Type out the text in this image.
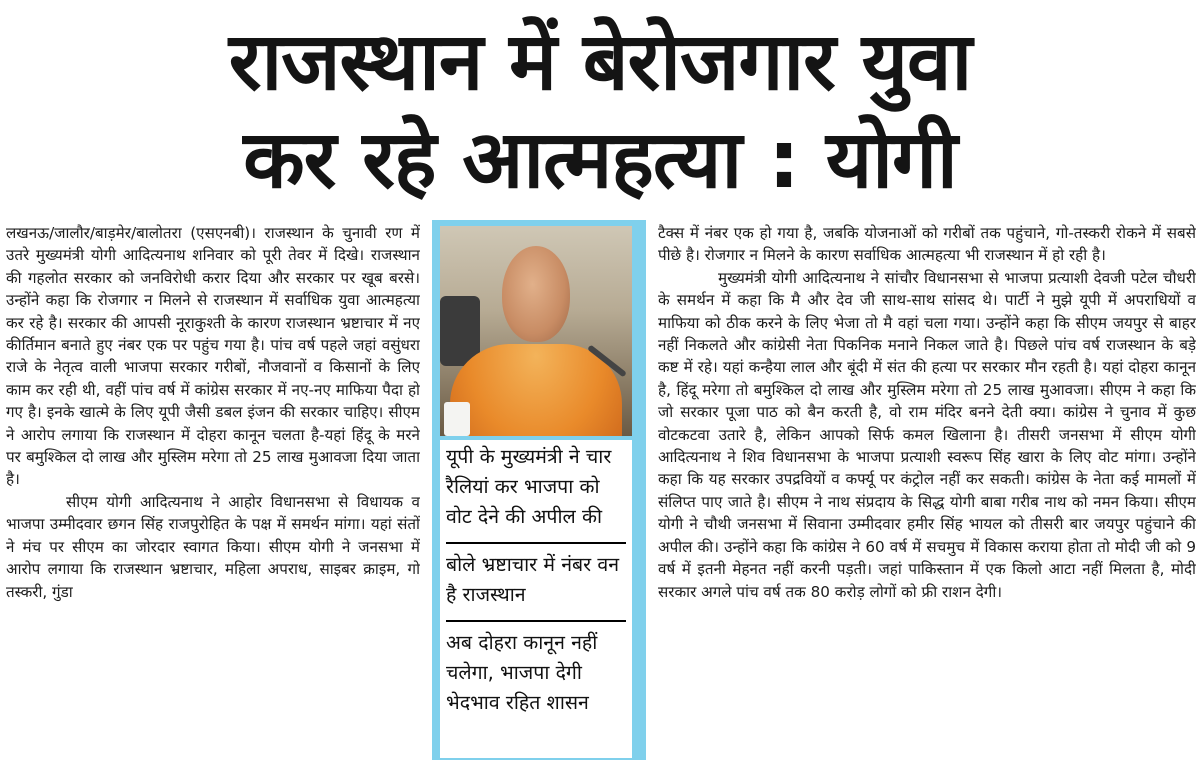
राजस्थान में बेरोजगार युवा
कर रहे आत्महत्या : योगी

लखनऊ/जालौर/बाड़मेर/बालोतरा (एसएनबी)। राजस्थान के चुनावी रण में उतरे मुख्यमंत्री योगी आदित्यनाथ शनिवार को पूरी तेवर में दिखे। राजस्थान की गहलोत सरकार को जनविरोधी करार दिया और सरकार पर खूब बरसे। उन्होंने कहा कि रोजगार न मिलने से राजस्थान में सर्वाधिक युवा आत्महत्या कर रहे है। सरकार की आपसी नूराकुश्ती के कारण राजस्थान भ्रष्टाचार में नए कीर्तिमान बनाते हुए नंबर एक पर पहुंच गया है। पांच वर्ष पहले जहां वसुंधरा राजे के नेतृत्व वाली भाजपा सरकार गरीबों, नौजवानों व किसानों के लिए काम कर रही थी, वहीं पांच वर्ष में कांग्रेस सरकार में नए-नए माफिया पैदा हो गए है। इनके खात्मे के लिए यूपी जैसी डबल इंजन की सरकार चाहिए। सीएम ने आरोप लगाया कि राजस्थान में दोहरा कानून चलता है-यहां हिंदू के मरने पर बमुश्किल दो लाख और मुस्लिम मरेगा तो 25 लाख मुआवजा दिया जाता है।

सीएम योगी आदित्यनाथ ने आहोर विधानसभा से विधायक व भाजपा उम्मीदवार छगन सिंह राजपुरोहित के पक्ष में समर्थन मांगा। यहां संतों ने मंच पर सीएम का जोरदार स्वागत किया। सीएम योगी ने जनसभा में आरोप लगाया कि राजस्थान भ्रष्टाचार, महिला अपराध, साइबर क्राइम, गो तस्करी, गुंडा

यूपी के मुख्यमंत्री ने चार रैलियां कर भाजपा को वोट देने की अपील की
बोले भ्रष्टाचार में नंबर वन है राजस्थान
अब दोहरा कानून नहीं चलेगा, भाजपा देगी भेदभाव रहित शासन

टैक्स में नंबर एक हो गया है, जबकि योजनाओं को गरीबों तक पहुंचाने, गो-तस्करी रोकने में सबसे पीछे है। रोजगार न मिलने के कारण सर्वाधिक आत्महत्या भी राजस्थान में हो रही है।

मुख्यमंत्री योगी आदित्यनाथ ने सांचौर विधानसभा से भाजपा प्रत्याशी देवजी पटेल चौधरी के समर्थन में कहा कि मै और देव जी साथ-साथ सांसद थे। पार्टी ने मुझे यूपी में अपराधियों व माफिया को ठीक करने के लिए भेजा तो मै वहां चला गया। उन्होंने कहा कि सीएम जयपुर से बाहर नहीं निकलते और कांग्रेसी नेता पिकनिक मनाने निकल जाते है। पिछले पांच वर्ष राजस्थान के बड़े कष्ट में रहे। यहां कन्हैया लाल और बूंदी में संत की हत्या पर सरकार मौन रहती है। यहां दोहरा कानून है, हिंदू मरेगा तो बमुश्किल दो लाख और मुस्लिम मरेगा तो 25 लाख मुआवजा। सीएम ने कहा कि जो सरकार पूजा पाठ को बैन करती है, वो राम मंदिर बनने देती क्या। कांग्रेस ने चुनाव में कुछ वोटकटवा उतारे है, लेकिन आपको सिर्फ कमल खिलाना है। तीसरी जनसभा में सीएम योगी आदित्यनाथ ने शिव विधानसभा के भाजपा प्रत्याशी स्वरूप सिंह खारा के लिए वोट मांगा। उन्होंने कहा कि यह सरकार उपद्रवियों व कर्फ्यू पर कंट्रोल नहीं कर सकती। कांग्रेस के नेता कई मामलों में संलिप्त पाए जाते है। सीएम ने नाथ संप्रदाय के सिद्ध योगी बाबा गरीब नाथ को नमन किया। सीएम योगी ने चौथी जनसभा में सिवाना उम्मीदवार हमीर सिंह भायल को तीसरी बार जयपुर पहुंचाने की अपील की। उन्होंने कहा कि कांग्रेस ने 60 वर्ष में सचमुच में विकास कराया होता तो मोदी जी को 9 वर्ष में इतनी मेहनत नहीं करनी पड़ती। जहां पाकिस्तान में एक किलो आटा नहीं मिलता है, मोदी सरकार अगले पांच वर्ष तक 80 करोड़ लोगों को फ्री राशन देगी।
